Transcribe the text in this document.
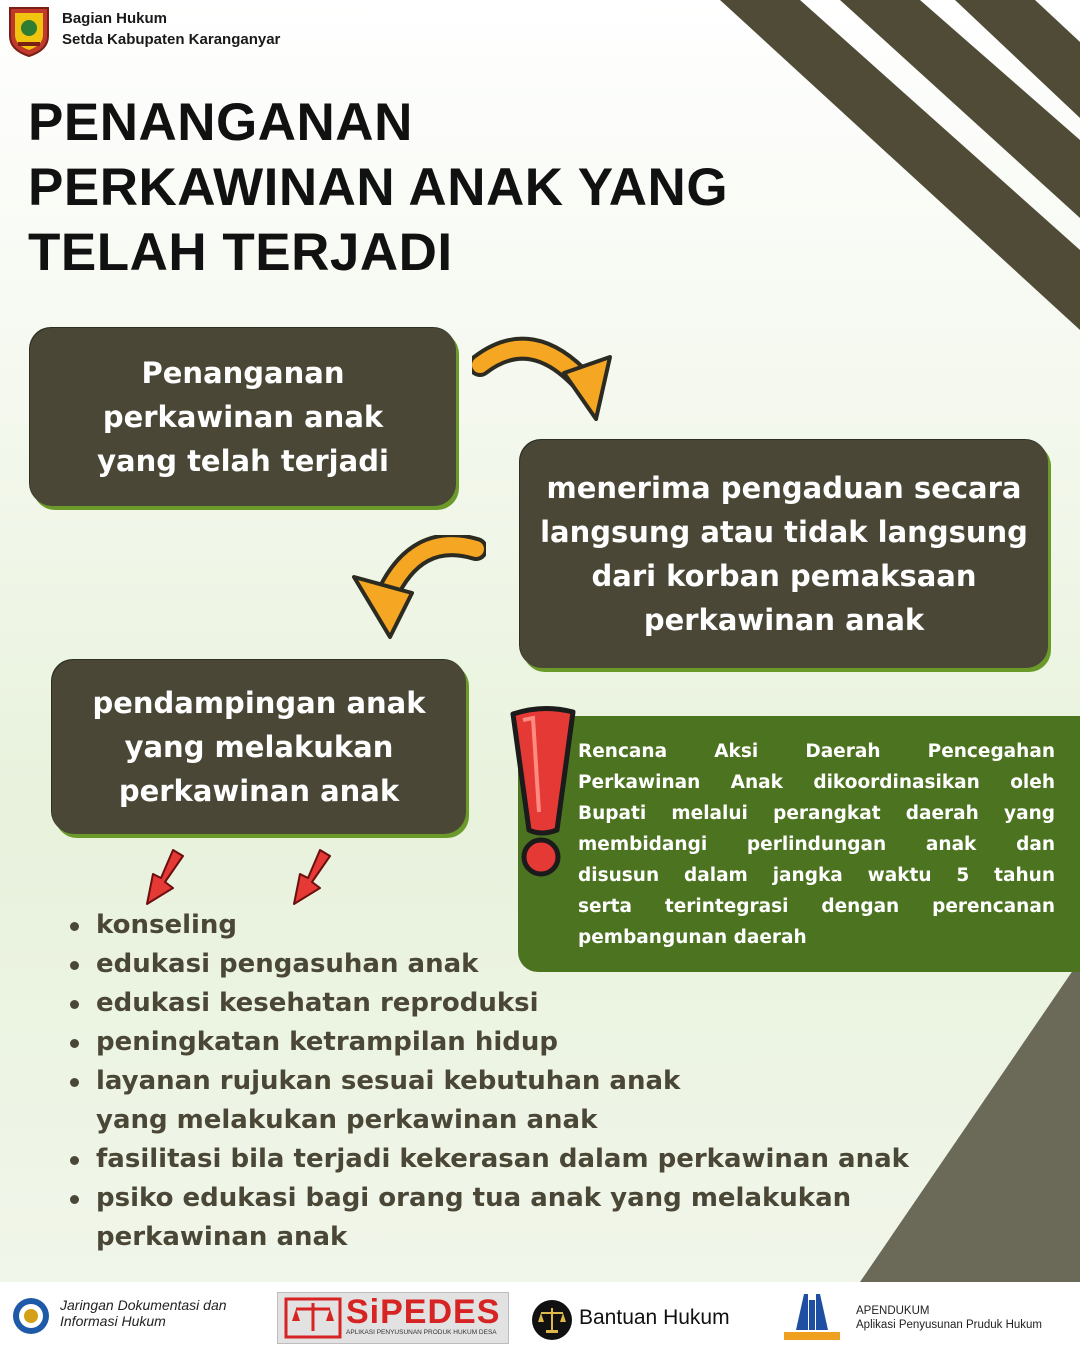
Bagian Hukum
Setda Kabupaten Karanganyar
PENANGANAN
PERKAWINAN ANAK YANG
TELAH TERJADI
Penanganan
perkawinan anak
yang telah terjadi
menerima pengaduan secara
langsung atau tidak langsung
dari korban pemaksaan
perkawinan anak
pendampingan anak
yang melakukan
perkawinan anak
Rencana Aksi Daerah Pencegahan
Perkawinan Anak dikoordinasikan oleh
Bupati melalui perangkat daerah yang
membidangi perlindungan anak dan
disusun dalam jangka waktu 5 tahun
serta terintegrasi dengan perencanan
pembangunan daerah
konseling
edukasi pengasuhan anak
edukasi kesehatan reproduksi
peningkatan ketrampilan hidup
layanan rujukan sesuai kebutuhan anak yang melakukan perkawinan anak
fasilitasi bila terjadi kekerasan dalam perkawinan anak
psiko edukasi bagi orang tua anak yang melakukan perkawinan anak
Jaringan Dokumentasi dan
Informasi Hukum	SiPEDES
APLIKASI PENYUSUNAN PRODUK HUKUM DESA
Bantuan Hukum	APENDUKUM
Aplikasi Penyusunan Pruduk Hukum
